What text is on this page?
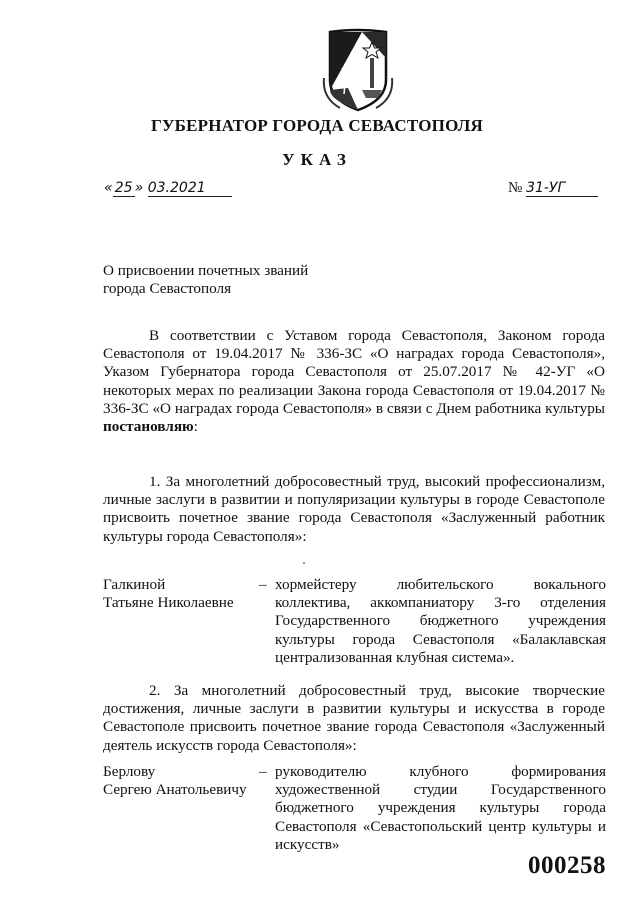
ГУБЕРНАТОР ГОРОДА СЕВАСТОПОЛЯ
УКАЗ
« 25 » 03.2021	№ 31-УГ
О присвоении почетных званий
города Севастополя
В соответствии с Уставом города Севастополя, Законом города Севастополя от 19.04.2017 № 336-ЗС «О наградах города Севастополя», Указом Губернатора города Севастополя от 25.07.2017 № 42-УГ «О некоторых мерах по реализации Закона города Севастополя от 19.04.2017 № 336-ЗС «О наградах города Севастополя» в связи с Днем работника культуры постановляю:
1. За многолетний добросовестный труд, высокий профессионализм, личные заслуги в развитии и популяризации культуры в городе Севастополе присвоить почетное звание города Севастополя «Заслуженный работник культуры города Севастополя»:
Галкиной
Татьяне Николаевне
– хормейстеру любительского вокального коллектива, аккомпаниатору 3-го отделения Государственного бюджетного учреждения культуры города Севастополя «Балаклавская централизованная клубная система».
2. За многолетний добросовестный труд, высокие творческие достижения, личные заслуги в развитии культуры и искусства в городе Севастополе присвоить почетное звание города Севастополя «Заслуженный деятель искусств города Севастополя»:
Берлову
Сергею Анатольевичу
– руководителю клубного формирования художественной студии Государственного бюджетного учреждения культуры города Севастополя «Севастопольский центр культуры и искусств»
000258
